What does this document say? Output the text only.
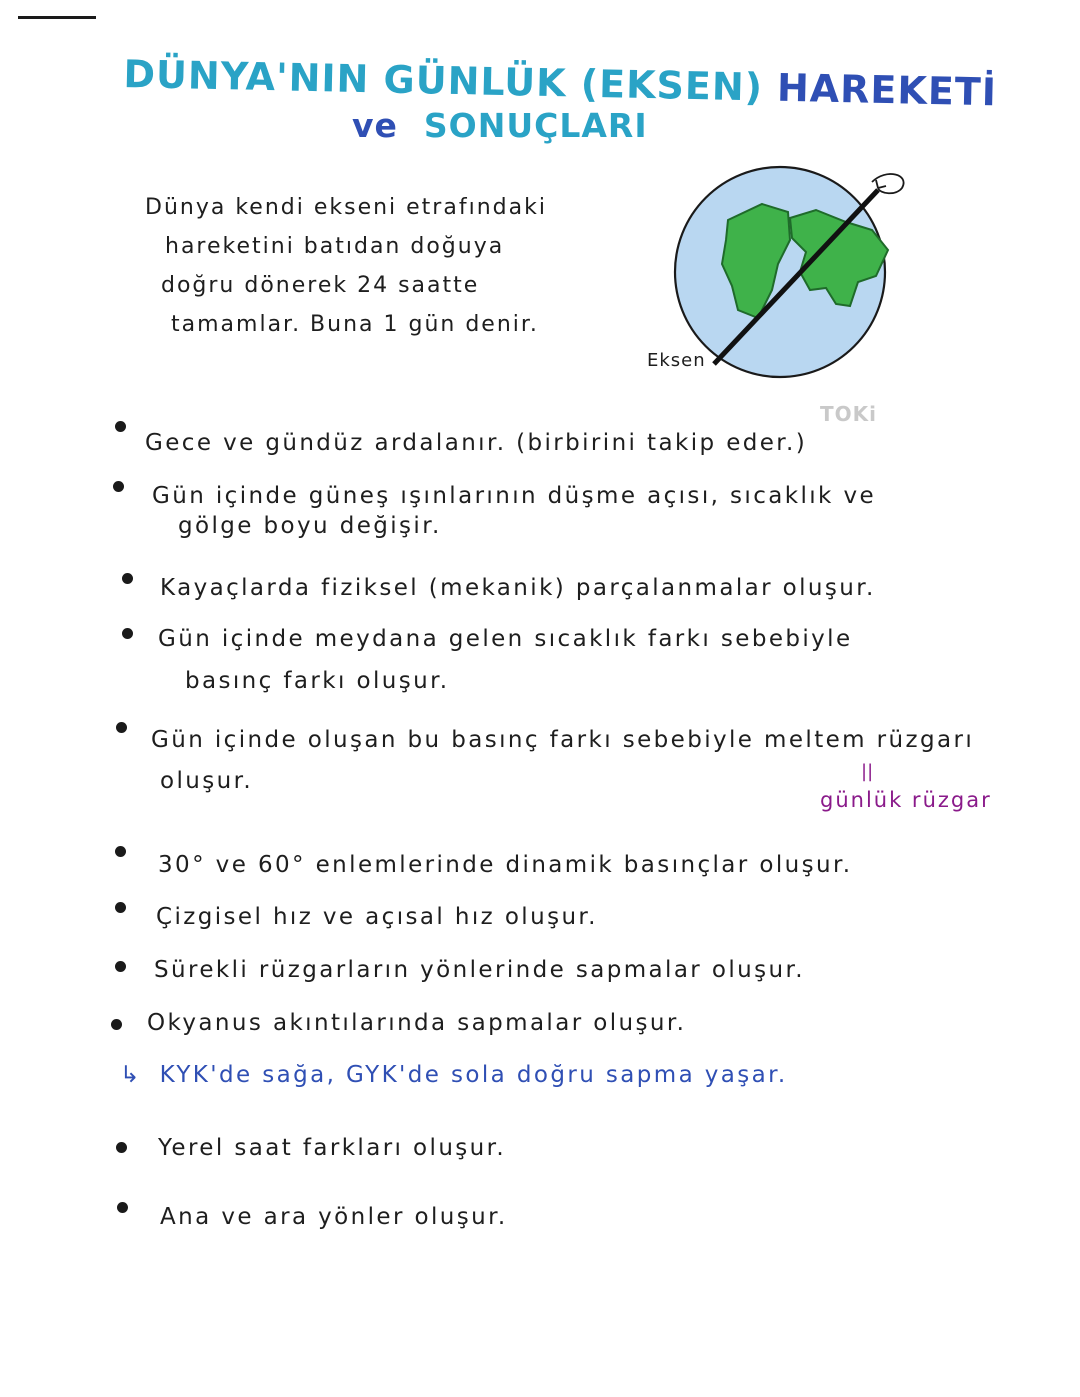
DÜNYA'NIN GÜNLÜK (EKSEN) HAREKETİ
ve SONUÇLARI
Dünya kendi ekseni etrafındaki
hareketini batıdan doğuya
doğru dönerek 24 saatte
tamamlar. Buna 1 gün denir.
Eksen
TOKi
Gece ve gündüz ardalanır. (birbirini takip eder.)
Gün içinde güneş ışınlarının düşme açısı, sıcaklık ve
gölge boyu değişir.
Kayaçlarda fiziksel (mekanik) parçalanmalar oluşur.
Gün içinde meydana gelen sıcaklık farkı sebebiyle
basınç farkı oluşur.
Gün içinde oluşan bu basınç farkı sebebiyle meltem rüzgarı
oluşur.
30° ve 60° enlemlerinde dinamik basınçlar oluşur.
Çizgisel hız ve açısal hız oluşur.
Sürekli rüzgarların yönlerinde sapmalar oluşur.
Okyanus akıntılarında sapmalar oluşur.
Yerel saat farkları oluşur.
Ana ve ara yönler oluşur.
||
günlük rüzgar
↳ KYK'de sağa, GYK'de sola doğru sapma yaşar.
